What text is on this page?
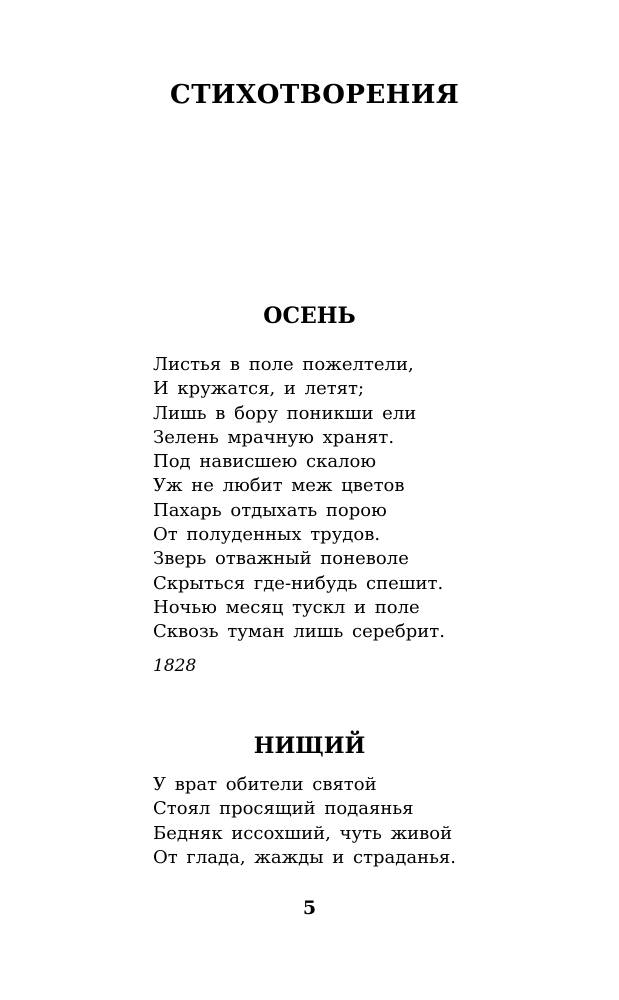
СТИХОТВОРЕНИЯ
ОСЕНЬ
Листья в поле пожелтели,
И кружатся, и летят;
Лишь в бору поникши ели
Зелень мрачную хранят.
Под нависшею скалою
Уж не любит меж цветов
Пахарь отдыхать порою
От полуденных трудов.
Зверь отважный поневоле
Скрыться где-нибудь спешит.
Ночью месяц тускл и поле
Сквозь туман лишь серебрит.
1828
НИЩИЙ
У врат обители святой
Стоял просящий подаянья
Бедняк иссохший, чуть живой
От глада, жажды и страданья.
5
